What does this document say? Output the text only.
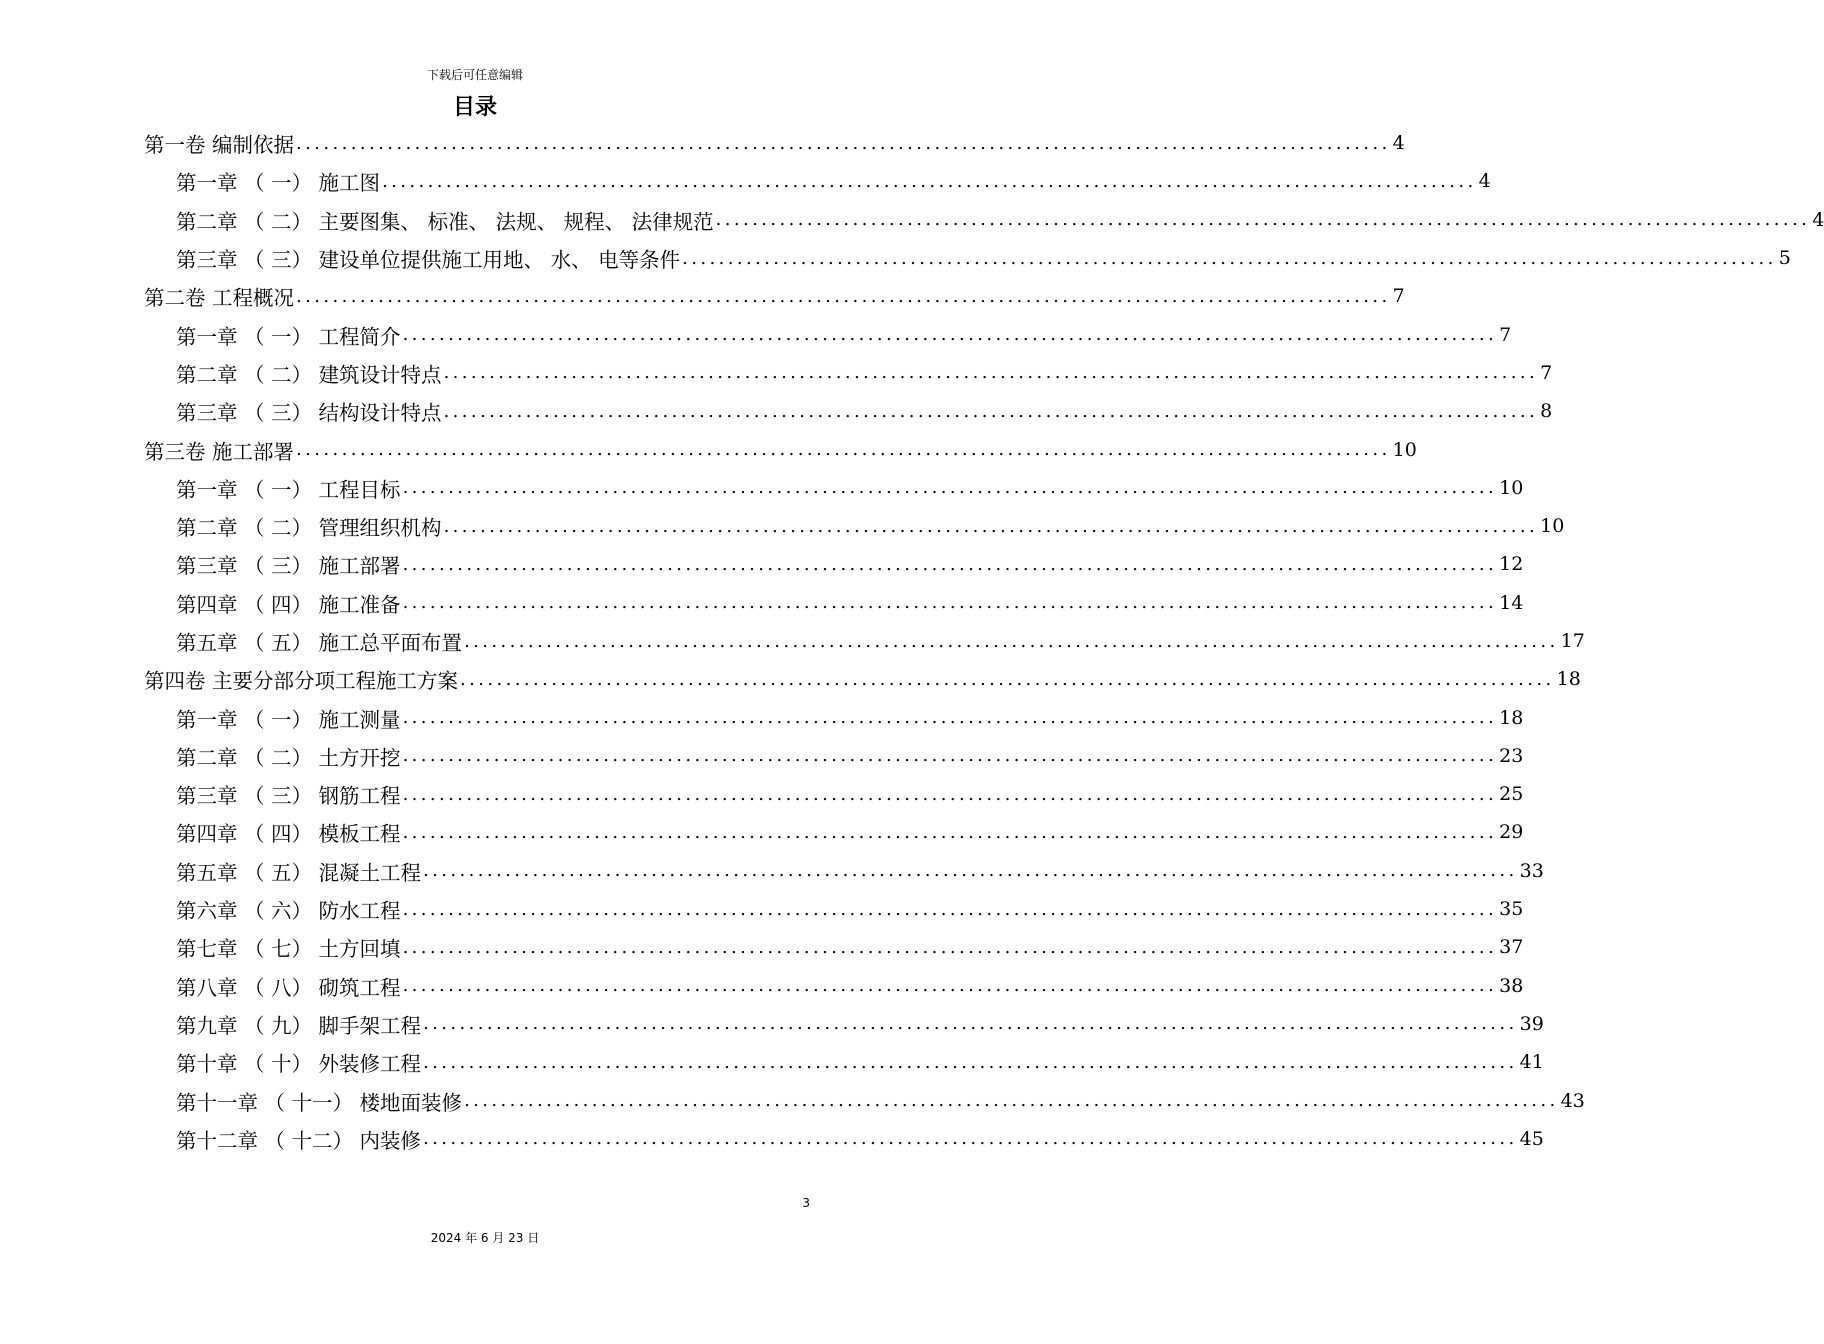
下载后可任意编辑
目录
第一卷 编制依据 ........................................................................................................................ 4
第一章 （ 一） 施工图 ........................................................................................................................ 4
第二章 （ 二） 主要图集、 标准、 法规、 规程、 法律规范 ........................................................................................................................ 4
第三章 （ 三） 建设单位提供施工用地、 水、 电等条件 ........................................................................................................................ 5
第二卷 工程概况 ........................................................................................................................ 7
第一章 （ 一） 工程简介 ........................................................................................................................ 7
第二章 （ 二） 建筑设计特点 ........................................................................................................................ 7
第三章 （ 三） 结构设计特点 ........................................................................................................................ 8
第三卷 施工部署 ........................................................................................................................ 10
第一章 （ 一） 工程目标 ........................................................................................................................ 10
第二章 （ 二） 管理组织机构 ........................................................................................................................ 10
第三章 （ 三） 施工部署 ........................................................................................................................ 12
第四章 （ 四） 施工准备 ........................................................................................................................ 14
第五章 （ 五） 施工总平面布置 ........................................................................................................................ 17
第四卷 主要分部分项工程施工方案 ........................................................................................................................ 18
第一章 （ 一） 施工测量 ........................................................................................................................ 18
第二章 （ 二） 土方开挖 ........................................................................................................................ 23
第三章 （ 三） 钢筋工程 ........................................................................................................................ 25
第四章 （ 四） 模板工程 ........................................................................................................................ 29
第五章 （ 五） 混凝土工程 ........................................................................................................................ 33
第六章 （ 六） 防水工程 ........................................................................................................................ 35
第七章 （ 七） 土方回填 ........................................................................................................................ 37
第八章 （ 八） 砌筑工程 ........................................................................................................................ 38
第九章 （ 九） 脚手架工程 ........................................................................................................................ 39
第十章 （ 十） 外装修工程 ........................................................................................................................ 41
第十一章 （ 十一） 楼地面装修 ........................................................................................................................ 43
第十二章 （ 十二） 内装修 ........................................................................................................................ 45
3
2024 年 6 月 23 日
